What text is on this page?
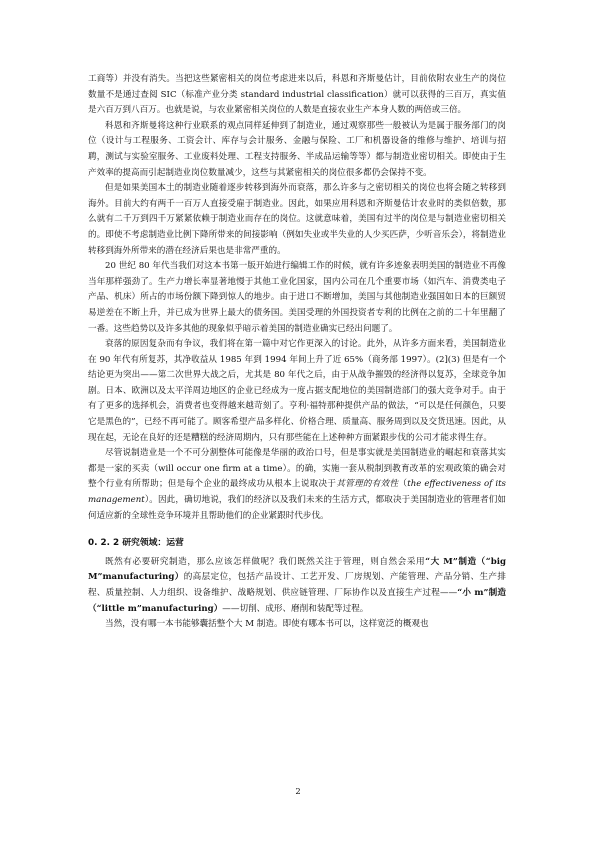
工商等）并没有消失。当把这些紧密相关的岗位考虑进来以后，科恩和齐斯曼估计，目前依附农业生产的岗位数量不是通过查阅 SIC（标准产业分类 standard industrial classification）就可以获得的三百万，真实值是六百万到八百万。也就是说，与农业紧密相关岗位的人数是直接农业生产本身人数的两倍或三倍。

科恩和齐斯曼将这种行业联系的观点同样延伸到了制造业，通过观察那些一般被认为是属于服务部门的岗位（设计与工程服务、工资会计、库存与会计服务、金融与保险、工厂和机器设备的维修与维护、培训与招聘，测试与实验室服务、工业废料处理、工程支持服务、半成品运输等等）都与制造业密切相关。即使由于生产效率的提高而引起制造业岗位数量减少，这些与其紧密相关的岗位很多都仍会保持不变。

但是如果美国本土的制造业随着逐步转移到海外而衰落，那么许多与之密切相关的岗位也将会随之转移到海外。目前大约有两千一百万人直接受雇于制造业。因此，如果应用科恩和齐斯曼估计农业时的类似倍数，那么就有二千万到四千万紧紧依赖于制造业而存在的岗位。这就意味着，美国有过半的岗位是与制造业密切相关的。即使不考虑制造业比例下降所带来的间接影响（例如失业或半失业的人少买匹萨，少听音乐会），将制造业转移到海外所带来的潜在经济后果也是非常严重的。

20 世纪 80 年代当我们对这本书第一版开始进行编辑工作的时候，就有许多迹象表明美国的制造业不再像当年那样强劲了。生产力增长率显著地慢于其他工业化国家，国内公司在几个重要市场（如汽车、消费类电子产品、机床）所占的市场份额下降到惊人的地步。由于进口不断增加，美国与其他制造业强国如日本的巨额贸易逆差在不断上升，并已成为世界上最大的债务国。美国受理的外国投资者专利的比例在之前的二十年里翻了一番。这些趋势以及许多其他的现象似乎暗示着美国的制造业确实已经出问题了。

衰落的原因复杂而有争议，我们将在第一篇中对它作更深入的讨论。此外，从许多方面来看，美国制造业在 90 年代有所复苏，其净收益从 1985 年到 1994 年间上升了近 65%（商务部 1997）。(2](3) 但是有一个结论更为突出——第二次世界大战之后，尤其是 80 年代之后，由于从战争摧毁的经济得以复苏，全球竞争加剧。日本、欧洲以及太平洋周边地区的企业已经成为一度占据支配地位的美国制造部门的强大竞争对手。由于有了更多的选择机会，消费者也变得越来越苛刻了。亨利·福特那种提供产品的做法，“可以是任何颜色，只要它是黑色的”，已经不再可能了。顾客希望产品多样化、价格合理、质量高、服务周到以及交货迅速。因此，从现在起，无论在良好的还是糟糕的经济周期内，只有那些能在上述种种方面紧跟步伐的公司才能求得生存。

尽管说制造业是一个不可分割整体可能像是华丽的政治口号，但是事实就是美国制造业的崛起和衰落其实都是一家的买卖（will occur one firm at a time）。的确，实施一套从税制到教育改革的宏观政策的确会对整个行业有所帮助；但是每个企业的最终成功从根本上说取决于其管理的有效性（the effectiveness of its management）。因此，确切地说，我们的经济以及我们未来的生活方式，都取决于美国制造业的管理者们如何适应新的全球性竞争环境并且帮助他们的企业紧跟时代步伐。

0. 2. 2 研究领域：运营

既然有必要研究制造，那么应该怎样做呢？我们既然关注于管理，则自然会采用“大 M”制造（“big M”manufacturing）的高层定位，包括产品设计、工艺开发、厂房规划、产能管理、产品分销、生产排程、质量控制、人力组织、设备维护、战略规划、供应链管理、厂际协作以及直接生产过程——“小 m”制造（“little m”manufacturing）——切削、成形、磨削和装配等过程。

当然，没有哪一本书能够囊括整个大 M 制造。即使有哪本书可以，这样宽泛的概观也

2
